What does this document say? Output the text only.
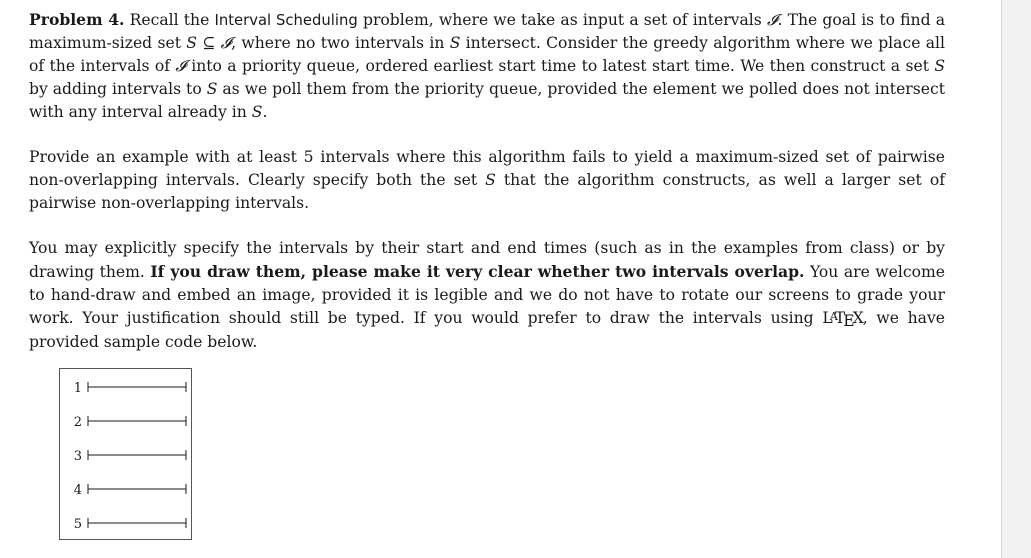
Problem 4. Recall the Interval Scheduling problem, where we take as input a set of intervals 𝓘. The goal is to find a maximum-sized set S ⊆ 𝓘, where no two intervals in S intersect. Consider the greedy algorithm where we place all of the intervals of 𝓘 into a priority queue, ordered earliest start time to latest start time. We then construct a set S by adding intervals to S as we poll them from the priority queue, provided the element we polled does not intersect with any interval already in S.

Provide an example with at least 5 intervals where this algorithm fails to yield a maximum-sized set of pairwise non-overlapping intervals. Clearly specify both the set S that the algorithm constructs, as well a larger set of pairwise non-overlapping intervals.

You may explicitly specify the intervals by their start and end times (such as in the examples from class) or by drawing them. If you draw them, please make it very clear whether two intervals overlap. You are welcome to hand-draw and embed an image, provided it is legible and we do not have to rotate our screens to grade your work. Your justification should still be typed. If you would prefer to draw the intervals using $L^ATEX$, we have provided sample code below.

1
2
3
4
5
